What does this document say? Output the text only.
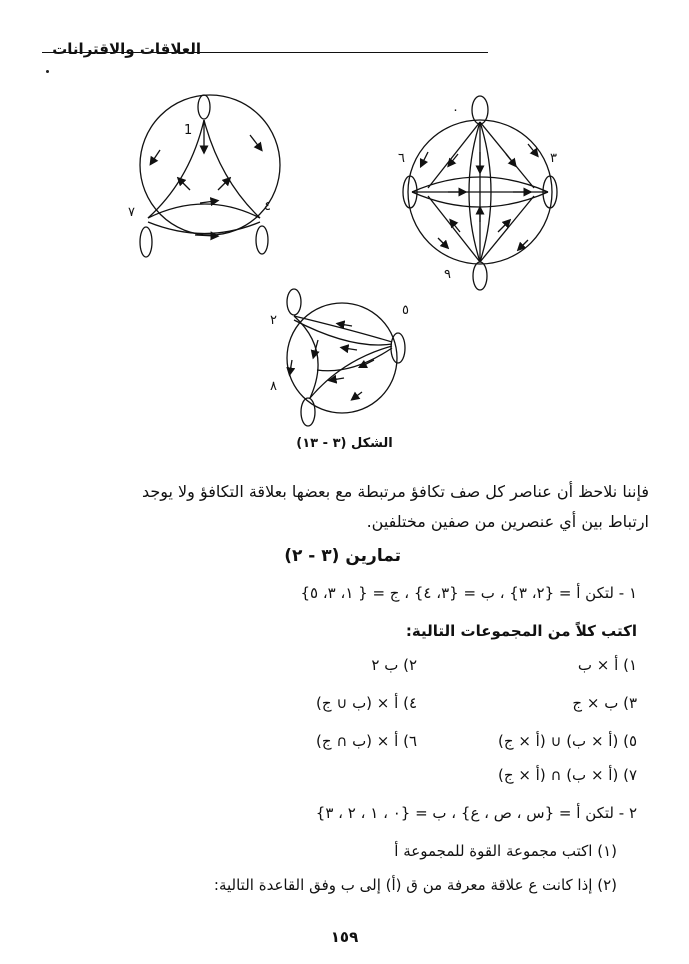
العلاقات والاقترانات
1
٧	٤
٠
٦	٣
٩
٢
٥
٨
الشكل (٣ - ١٣)
فإننا نلاحظ أن عناصر كل صف تكافؤ مرتبطة مع بعضها بعلاقة التكافؤ ولا يوجد
ارتباط بين أي عنصرين من صفين مختلفين.
تمارين (٣ - ٢)
١ - لتكن أ = {٢، ٣} ، ب = {٣، ٤} ، ج = { ١، ٣، ٥}
اكتب كلاً من المجموعات التالية:
١) أ × ب
٢) ب ٢
٣) ب × ج
٤) أ × (ب ∪ ج)
٥) (أ × ب) ∪ (أ × ج)
٦) أ × (ب ∩ ج)
٧) (أ × ب) ∩ (أ × ج)
٢ - لتكن أ = {س ، ص ، ع} ، ب = {٠ ، ١ ، ٢ ، ٣}
(١) اكتب مجموعة القوة للمجموعة أ
(٢) إذا كانت ع علاقة معرفة من ق (أ) إلى ب وفق القاعدة التالية:
١٥٩
